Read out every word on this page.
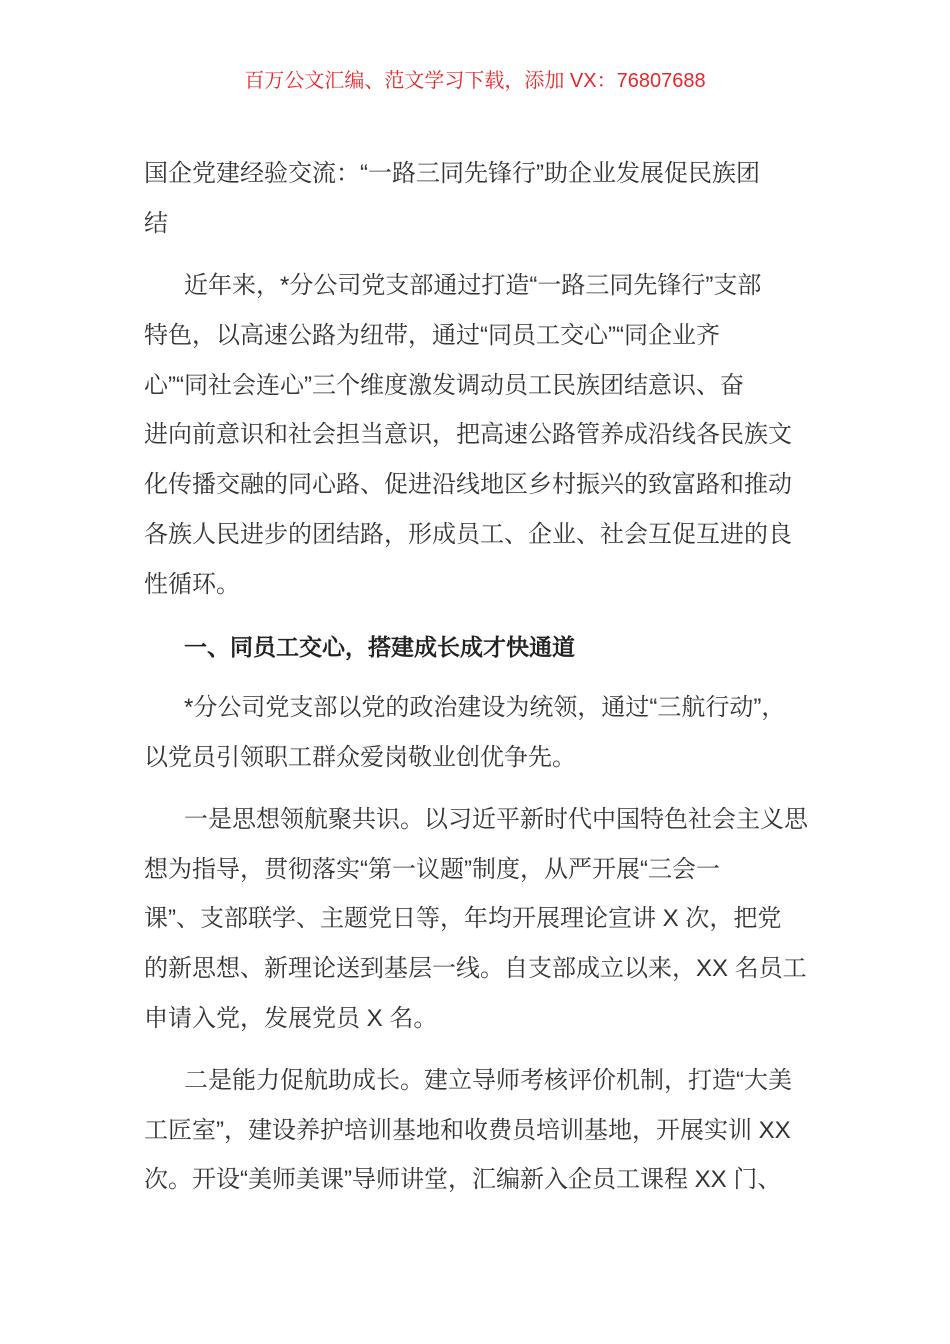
百万公文汇编、范文学习下载，添加 VX：76807688
国企党建经验交流：“一路三同先锋行”助企业发展促民族团
结
近年来，*分公司党支部通过打造“一路三同先锋行”支部
特色，以高速公路为纽带，通过“同员工交心”“同企业齐
心”“同社会连心”三个维度激发调动员工民族团结意识、奋
进向前意识和社会担当意识，把高速公路管养成沿线各民族文
化传播交融的同心路、促进沿线地区乡村振兴的致富路和推动
各族人民进步的团结路，形成员工、企业、社会互促互进的良
性循环。
一、同员工交心，搭建成长成才快通道
*分公司党支部以党的政治建设为统领，通过“三航行动”，
以党员引领职工群众爱岗敬业创优争先。
一是思想领航聚共识。以习近平新时代中国特色社会主义思
想为指导，贯彻落实“第一议题”制度，从严开展“三会一
课”、支部联学、主题党日等，年均开展理论宣讲 X 次，把党
的新思想、新理论送到基层一线。自支部成立以来，XX 名员工
申请入党，发展党员 X 名。
二是能力促航助成长。建立导师考核评价机制，打造“大美
工匠室”，建设养护培训基地和收费员培训基地，开展实训 XX
次。开设“美师美课”导师讲堂，汇编新入企员工课程 XX 门、
